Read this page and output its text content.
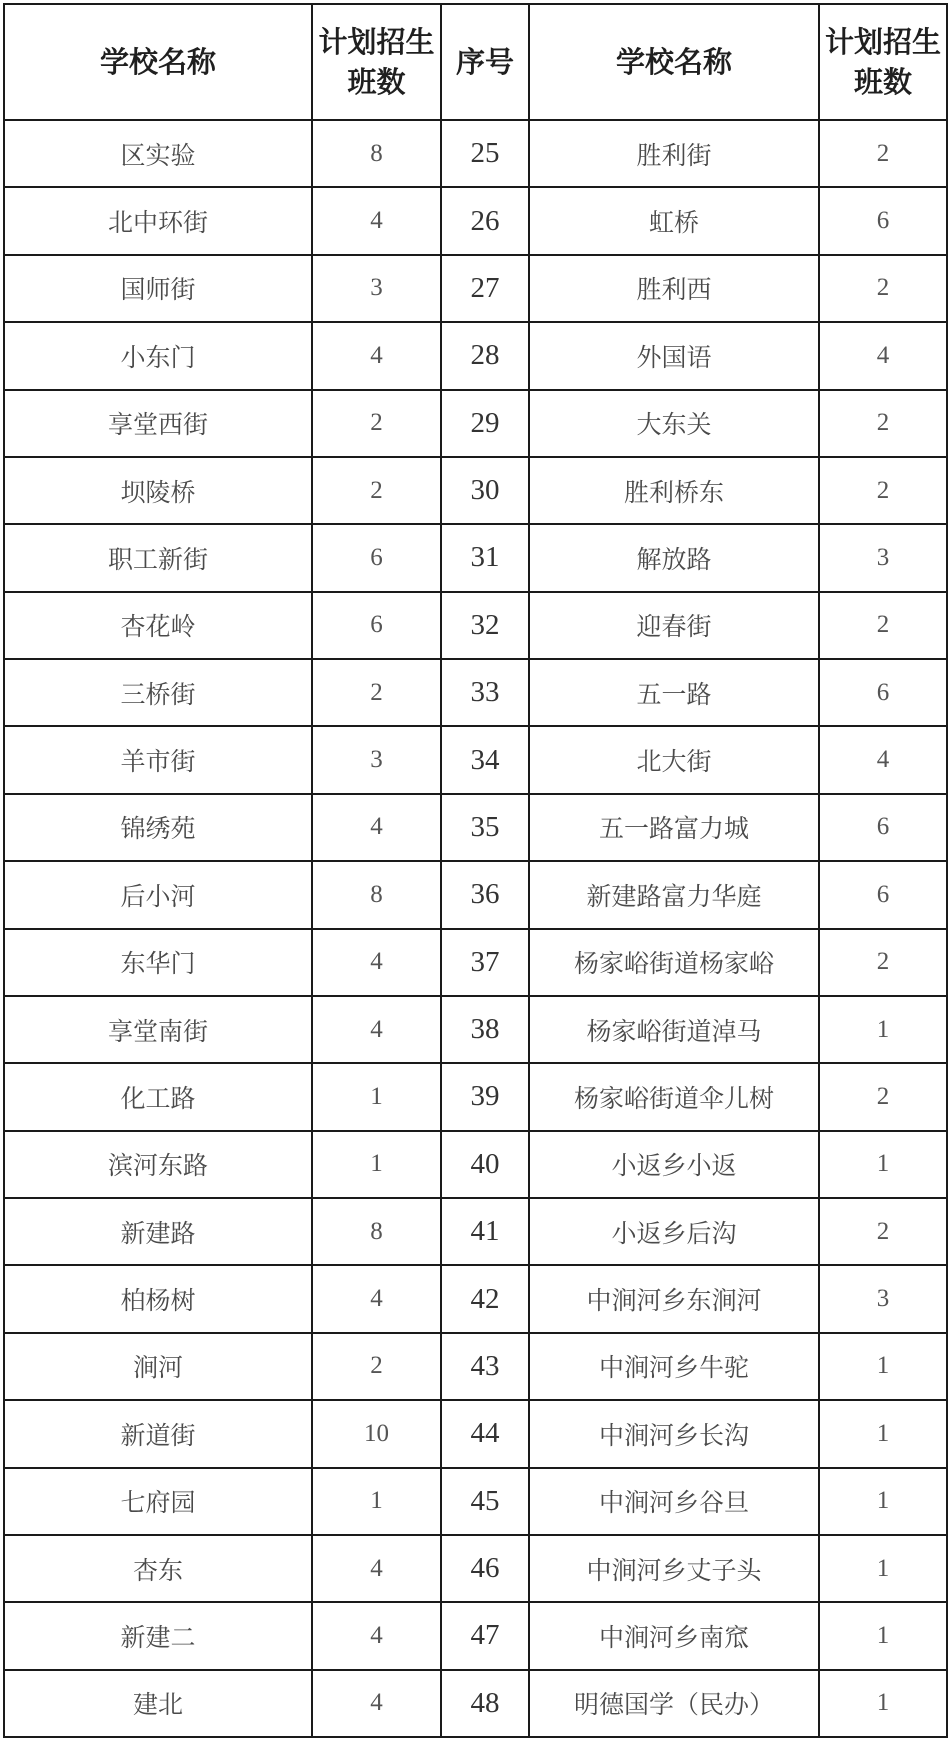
学校名称	计划招生班数	序号	学校名称	计划招生班数
区实验	8	25	胜利街	2
北中环街	4	26	虹桥	6
国师街	3	27	胜利西	2
小东门	4	28	外国语	4
享堂西街	2	29	大东关	2
坝陵桥	2	30	胜利桥东	2
职工新街	6	31	解放路	3
杏花岭	6	32	迎春街	2
三桥街	2	33	五一路	6
羊市街	3	34	北大街	4
锦绣苑	4	35	五一路富力城	6
后小河	8	36	新建路富力华庭	6
东华门	4	37	杨家峪街道杨家峪	2
享堂南街	4	38	杨家峪街道淖马	1
化工路	1	39	杨家峪街道伞儿树	2
滨河东路	1	40	小返乡小返	1
新建路	8	41	小返乡后沟	2
柏杨树	4	42	中涧河乡东涧河	3
涧河	2	43	中涧河乡牛驼	1
新道街	10	44	中涧河乡长沟	1
七府园	1	45	中涧河乡谷旦	1
杏东	4	46	中涧河乡丈子头	1
新建二	4	47	中涧河乡南窊	1
建北	4	48	明德国学（民办）	1
